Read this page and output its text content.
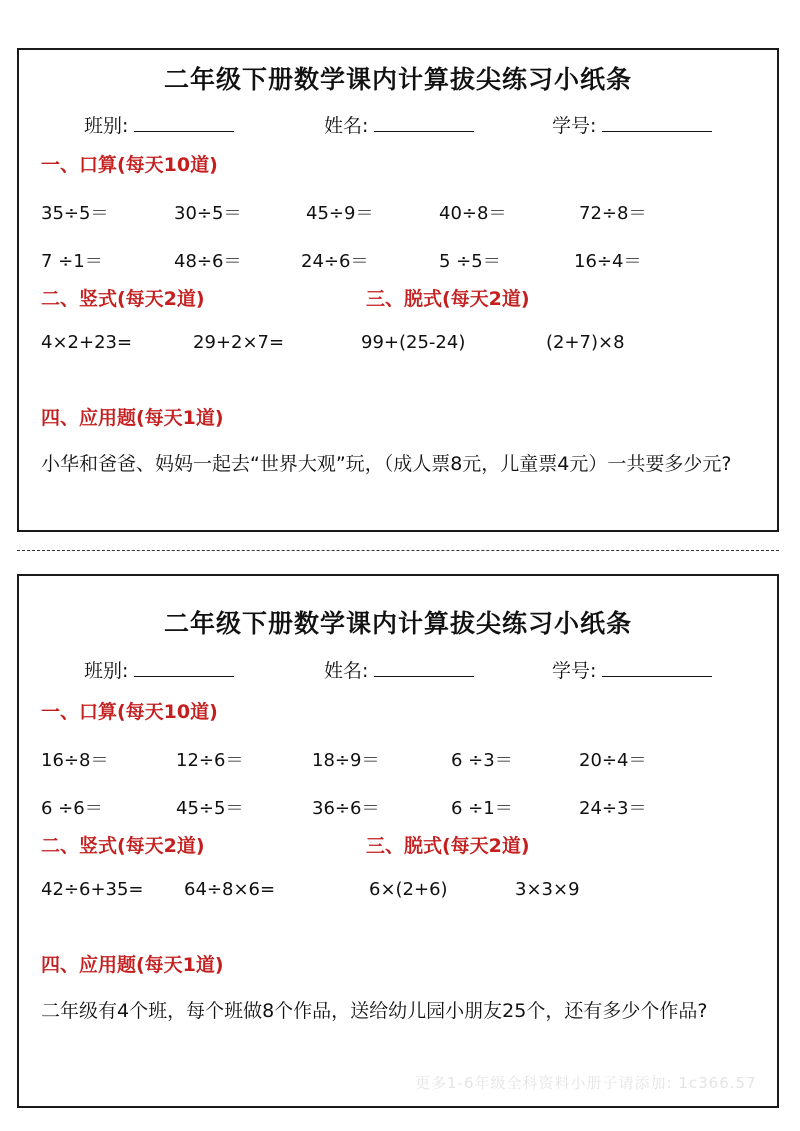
二年级下册数学课内计算拔尖练习小纸条
班别:	姓名:	学号:
一、口算(每天10道)
35÷5＝	30÷5＝	45÷9＝	40÷8＝	72÷8＝
7 ÷1＝	48÷6＝	24÷6＝	5 ÷5＝	16÷4＝
二、竖式(每天2道)	三、脱式(每天2道)
4×2+23=	29+2×7=	99+(25-24)	(2+7)×8
四、应用题(每天1道)
小华和爸爸、妈妈一起去“世界大观”玩，（成人票8元，儿童票4元）一共要多少元?
二年级下册数学课内计算拔尖练习小纸条
班别:	姓名:	学号:
一、口算(每天10道)
16÷8＝	12÷6＝	18÷9＝	6 ÷3＝	20÷4＝
6 ÷6＝	45÷5＝	36÷6＝	6 ÷1＝	24÷3＝
二、竖式(每天2道)	三、脱式(每天2道)
42÷6+35= 64÷8×6=	6×(2+6)	3×3×9
四、应用题(每天1道)
二年级有4个班，每个班做8个作品，送给幼儿园小朋友25个，还有多少个作品?
更多1-6年级全科资料小册子请添加: 1c366.57
